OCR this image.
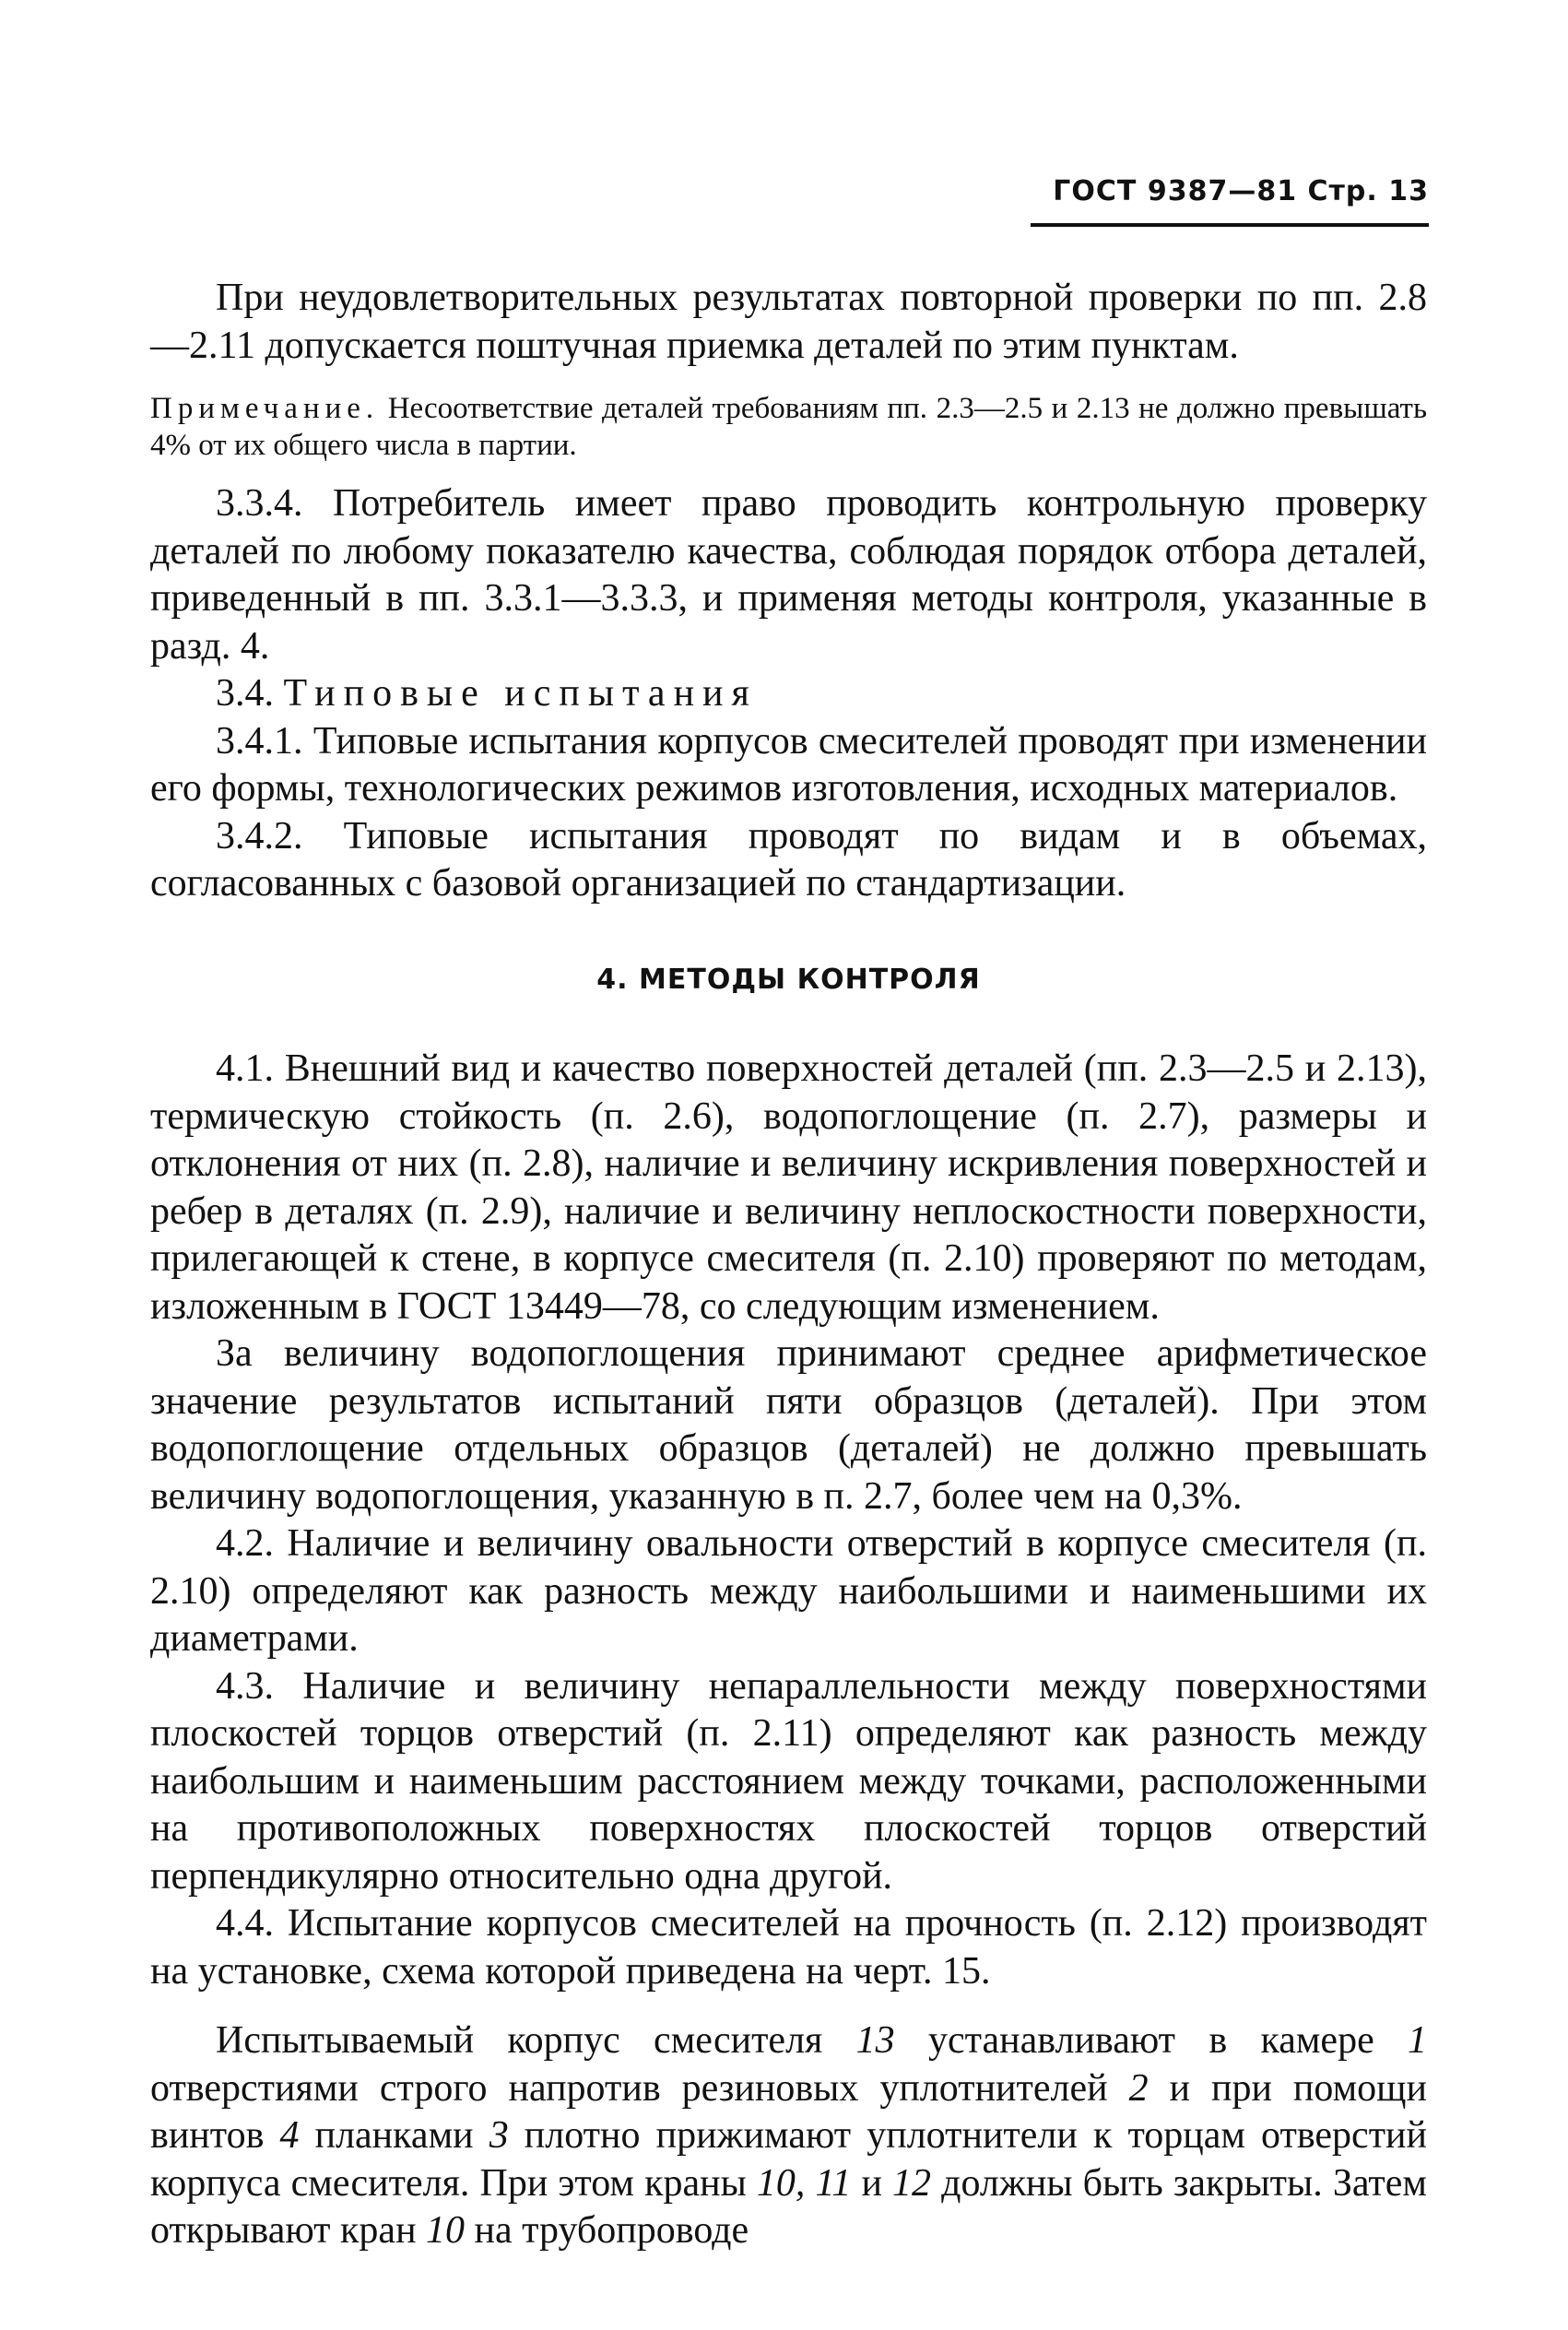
ГОСТ 9387—81 Стр. 13

При неудовлетворительных результатах повторной проверки по пп. 2.8—2.11 допускается поштучная приемка деталей по этим пунктам.

Примечание. Несоответствие деталей требованиям пп. 2.3—2.5 и 2.13 не должно превышать 4% от их общего числа в партии.

3.3.4. Потребитель имеет право проводить контрольную проверку деталей по любому показателю качества, соблюдая порядок отбора деталей, приведенный в пп. 3.3.1—3.3.3, и применяя методы контроля, указанные в разд. 4.

3.4. Типовые испытания

3.4.1. Типовые испытания корпусов смесителей проводят при изменении его формы, технологических режимов изготовления, исходных материалов.

3.4.2. Типовые испытания проводят по видам и в объемах, согласованных с базовой организацией по стандартизации.

4. МЕТОДЫ КОНТРОЛЯ

4.1. Внешний вид и качество поверхностей деталей (пп. 2.3—2.5 и 2.13), термическую стойкость (п. 2.6), водопоглощение (п. 2.7), размеры и отклонения от них (п. 2.8), наличие и величину искривления поверхностей и ребер в деталях (п. 2.9), наличие и величину неплоскостности поверхности, прилегающей к стене, в корпусе смесителя (п. 2.10) проверяют по методам, изложенным в ГОСТ 13449—78, со следующим изменением.

За величину водопоглощения принимают среднее арифметическое значение результатов испытаний пяти образцов (деталей). При этом водопоглощение отдельных образцов (деталей) не должно превышать величину водопоглощения, указанную в п. 2.7, более чем на 0,3%.

4.2. Наличие и величину овальности отверстий в корпусе смесителя (п. 2.10) определяют как разность между наибольшими и наименьшими их диаметрами.

4.3. Наличие и величину непараллельности между поверхностями плоскостей торцов отверстий (п. 2.11) определяют как разность между наибольшим и наименьшим расстоянием между точками, расположенными на противоположных поверхностях плоскостей торцов отверстий перпендикулярно относительно одна другой.

4.4. Испытание корпусов смесителей на прочность (п. 2.12) производят на установке, схема которой приведена на черт. 15.

Испытываемый корпус смесителя 13 устанавливают в камере 1 отверстиями строго напротив резиновых уплотнителей 2 и при помощи винтов 4 планками 3 плотно прижимают уплотнители к торцам отверстий корпуса смесителя. При этом краны 10, 11 и 12 должны быть закрыты. Затем открывают кран 10 на трубопроводе
